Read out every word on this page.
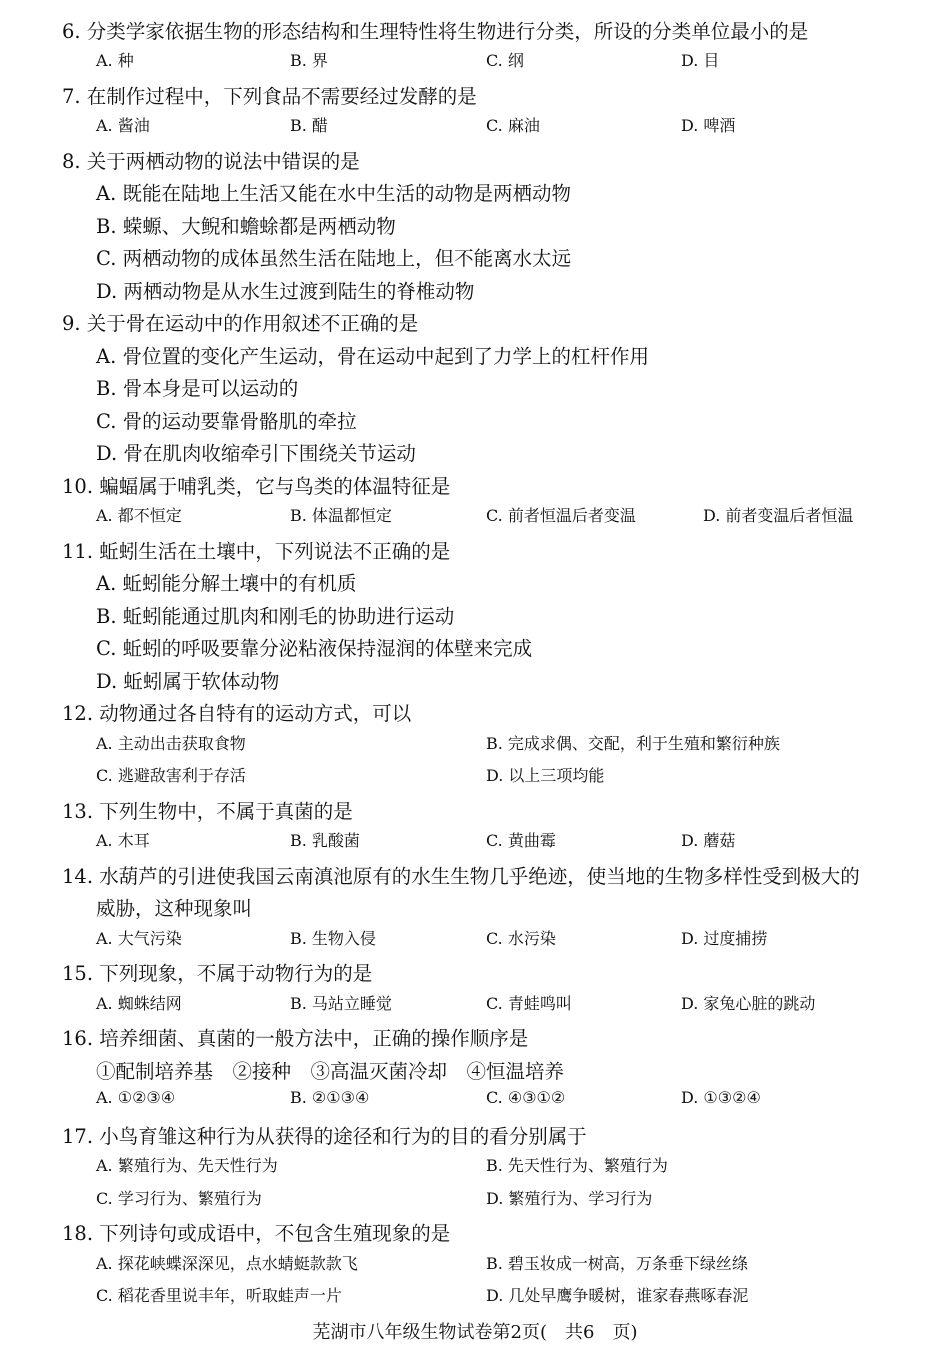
6. 分类学家依据生物的形态结构和生理特性将生物进行分类，所设的分类单位最小的是
A. 种	B. 界	C. 纲	D. 目
7. 在制作过程中，下列食品不需要经过发酵的是
A. 酱油	B. 醋	C. 麻油	D. 啤酒
8. 关于两栖动物的说法中错误的是
A. 既能在陆地上生活又能在水中生活的动物是两栖动物
B. 蝾螈、大鲵和蟾蜍都是两栖动物
C. 两栖动物的成体虽然生活在陆地上，但不能离水太远
D. 两栖动物是从水生过渡到陆生的脊椎动物
9. 关于骨在运动中的作用叙述不正确的是
A. 骨位置的变化产生运动，骨在运动中起到了力学上的杠杆作用
B. 骨本身是可以运动的
C. 骨的运动要靠骨骼肌的牵拉
D. 骨在肌肉收缩牵引下围绕关节运动
10. 蝙蝠属于哺乳类，它与鸟类的体温特征是
A. 都不恒定	B. 体温都恒定	C. 前者恒温后者变温	D. 前者变温后者恒温
11. 蚯蚓生活在土壤中，下列说法不正确的是
A. 蚯蚓能分解土壤中的有机质
B. 蚯蚓能通过肌肉和刚毛的协助进行运动
C. 蚯蚓的呼吸要靠分泌粘液保持湿润的体壁来完成
D. 蚯蚓属于软体动物
12. 动物通过各自特有的运动方式，可以
A. 主动出击获取食物	B. 完成求偶、交配，利于生殖和繁衍种族
C. 逃避敌害利于存活	D. 以上三项均能
13. 下列生物中，不属于真菌的是
A. 木耳	B. 乳酸菌	C. 黄曲霉	D. 蘑菇
14. 水葫芦的引进使我国云南滇池原有的水生生物几乎绝迹，使当地的生物多样性受到极大的
威胁，这种现象叫
A. 大气污染	B. 生物入侵	C. 水污染	D. 过度捕捞
15. 下列现象，不属于动物行为的是
A. 蜘蛛结网	B. 马站立睡觉	C. 青蛙鸣叫	D. 家兔心脏的跳动
16. 培养细菌、真菌的一般方法中，正确的操作顺序是
①配制培养基　②接种　③高温灭菌冷却　④恒温培养
A. ①②③④	B. ②①③④	C. ④③①②	D. ①③②④
17. 小鸟育雏这种行为从获得的途径和行为的目的看分别属于
A. 繁殖行为、先天性行为	B. 先天性行为、繁殖行为
C. 学习行为、繁殖行为	D. 繁殖行为、学习行为
18. 下列诗句或成语中，不包含生殖现象的是
A. 探花峡蝶深深见，点水蜻蜓款款飞	B. 碧玉妆成一树高，万条垂下绿丝绦
C. 稻花香里说丰年，听取蛙声一片	D. 几处早鹰争暖树，谁家春燕啄春泥
芜湖市八年级生物试卷第2页(　共6　页)
